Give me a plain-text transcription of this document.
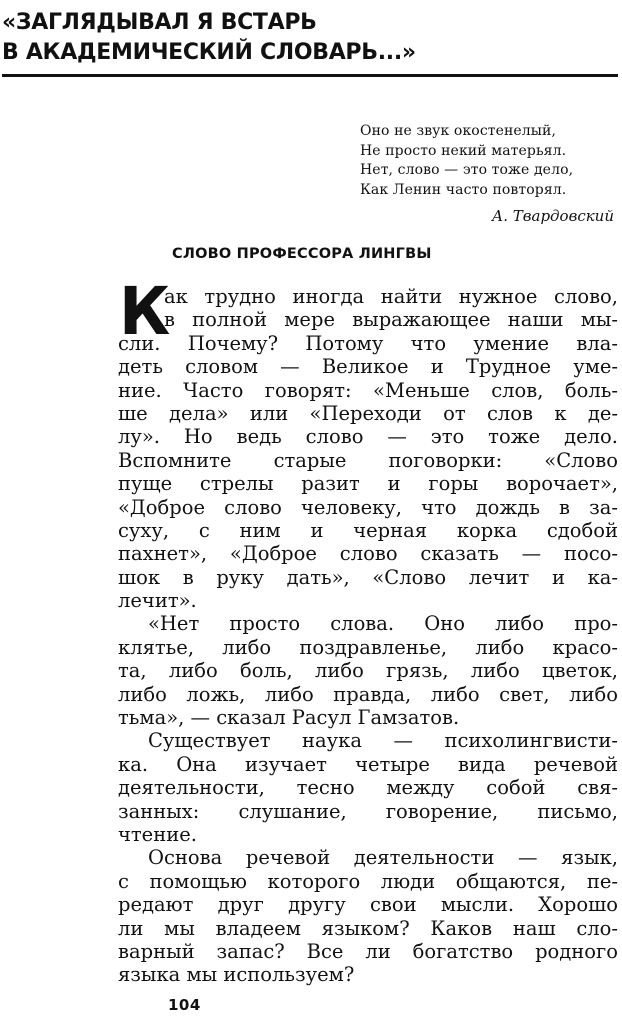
«ЗАГЛЯДЫВАЛ Я ВСТАРЬ
В АКАДЕМИЧЕСКИЙ СЛОВАРЬ...»
Оно не звук окостенелый,
Не просто некий матерьял.
Нет, слово — это тоже дело,
Как Ленин часто повторял.
А. Твардовский
СЛОВО ПРОФЕССОРА ЛИНГВЫ
К
ак трудно иногда найти нужное слово,
в полной мере выражающее наши мы-
сли. Почему? Потому что умение вла-
деть словом — Великое и Трудное уме-
ние. Часто говорят: «Меньше слов, боль-
ше дела» или «Переходи от слов к де-
лу». Но ведь слово — это тоже дело.
Вспомните старые поговорки: «Слово
пуще стрелы разит и горы ворочает»,
«Доброе слово человеку, что дождь в за-
суху, с ним и черная корка сдобой
пахнет», «Доброе слово сказать — посо-
шок в руку дать», «Слово лечит и ка-
лечит».
«Нет просто слова. Оно либо про-
клятье, либо поздравленье, либо красо-
та, либо боль, либо грязь, либо цветок,
либо ложь, либо правда, либо свет, либо
тьма», — сказал Расул Гамзатов.
Существует наука — психолингвисти-
ка. Она изучает четыре вида речевой
деятельности, тесно между собой свя-
занных: слушание, говорение, письмо,
чтение.
Основа речевой деятельности — язык,
с помощью которого люди общаются, пе-
редают друг другу свои мысли. Хорошо
ли мы владеем языком? Каков наш сло-
варный запас? Все ли богатство родного
языка мы используем?
104
